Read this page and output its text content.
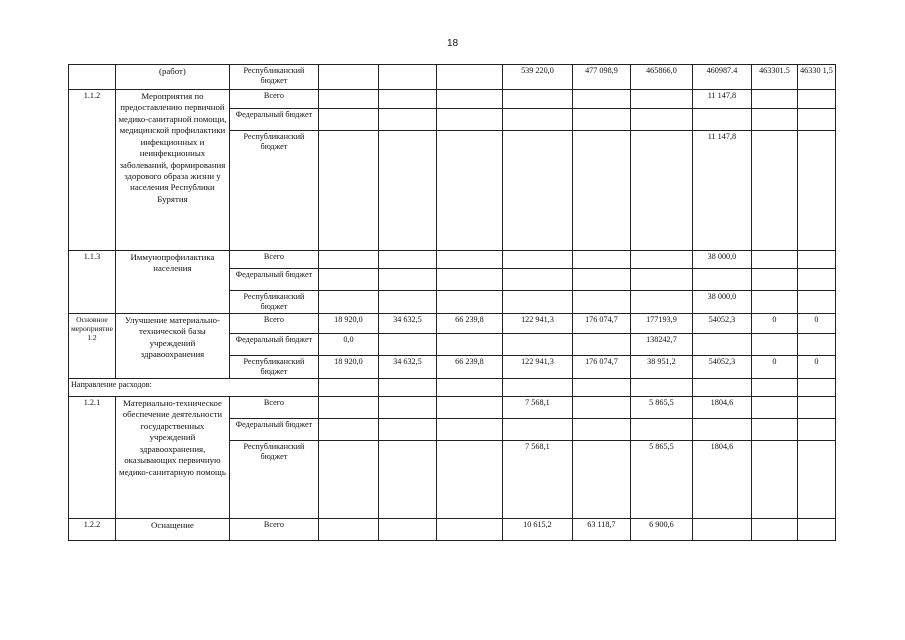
18
	(работ)	Республиканский бюджет				539 220,0	477 098,9	465866,0	460987.4	463301.5	46330 1,5
1.1.2	Мероприятия по предоставлению первичной медико-санитарной помощи, медицинской профилактики инфекционных и неинфекционных заболеваний, формирования здорового образа жизни у населения Республики Бурятия	Всего							11 147,8		
		Федеральный бюджет									
		Республиканский бюджет							11 147,8		
1.1.3	Иммунопрофилактика населения	Всего							38 000,0		
		Федеральный бюджет									
		Республиканский бюджет							38 000,0		
Основное мероприятие 1.2	Улучшение материально-технической базы учреждений здравоохранения	Всего	18 920,0	34 632,5	66 239,8	122 941,3	176 074,7	177193,9	54052,3	0	0
		Федеральный бюджет	0,0					138242,7			
		Республиканский бюджет	18 920,0	34 632,5	66 239,8	122 941,3	176 074,7	38 951,2	54052,3	0	0
Направление расходов:											
1.2.1	Материально-техническое обеспечение деятельности государственных учреждений здравоохранения, оказывающих первичную медико-санитарную помощь	Всего				7 568,1		5 865,5	1804,6		
		Федеральный бюджет									
		Республиканский бюджет				7 568,1		5 865,5	1804,6		
1.2.2	Оснащение	Всего				10 615,2	63 118,7	6 900,6			
